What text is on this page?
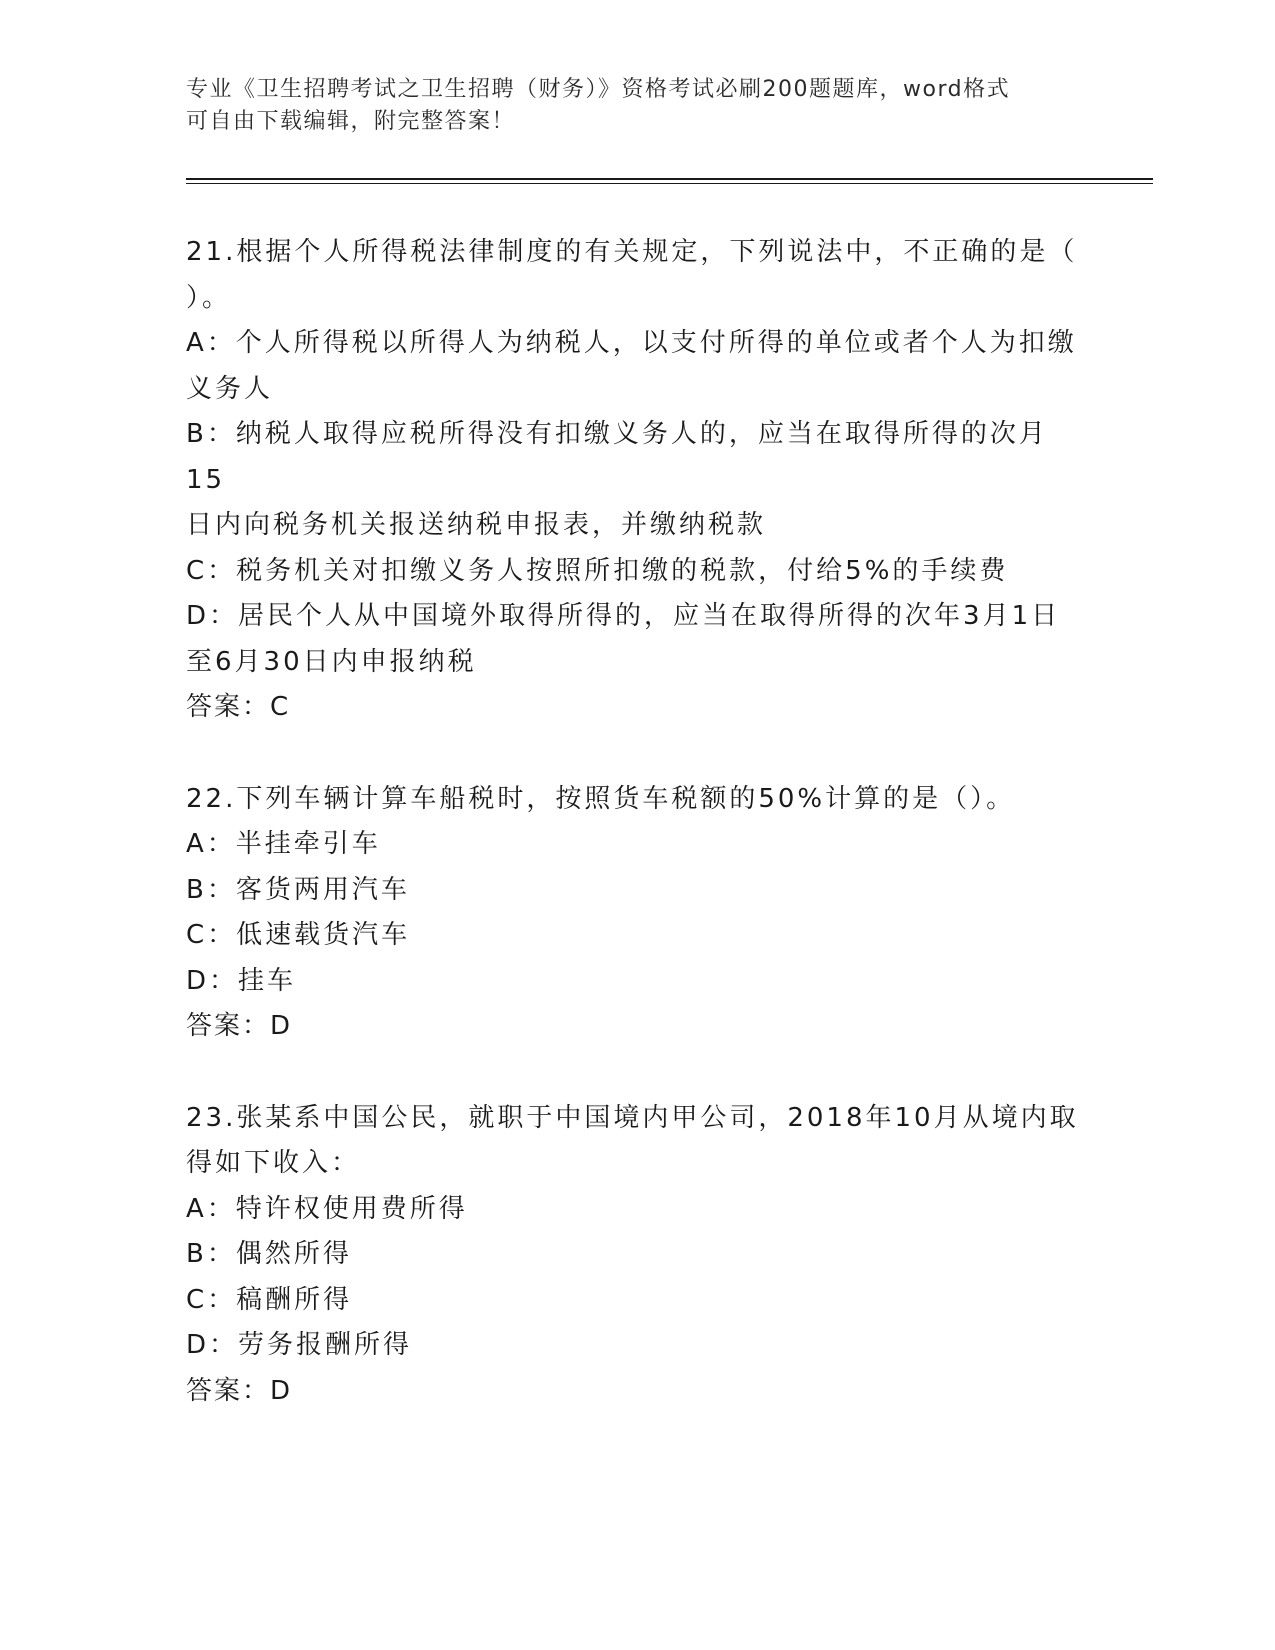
专业《卫生招聘考试之卫生招聘（财务）》资格考试必刷200题题库，word格式
可自由下载编辑，附完整答案！
21.根据个人所得税法律制度的有关规定，下列说法中，不正确的是（
）。
A：个人所得税以所得人为纳税人，以支付所得的单位或者个人为扣缴
义务人
B：纳税人取得应税所得没有扣缴义务人的，应当在取得所得的次月15
日内向税务机关报送纳税申报表，并缴纳税款
C：税务机关对扣缴义务人按照所扣缴的税款，付给5%的手续费
D：居民个人从中国境外取得所得的，应当在取得所得的次年3月1日
至6月30日内申报纳税
答案：C
22.下列车辆计算车船税时，按照货车税额的50%计算的是（）。
A：半挂牵引车
B：客货两用汽车
C：低速载货汽车
D：挂车
答案：D
23.张某系中国公民，就职于中国境内甲公司，2018年10月从境内取
得如下收入：
A：特许权使用费所得
B：偶然所得
C：稿酬所得
D：劳务报酬所得
答案：D
